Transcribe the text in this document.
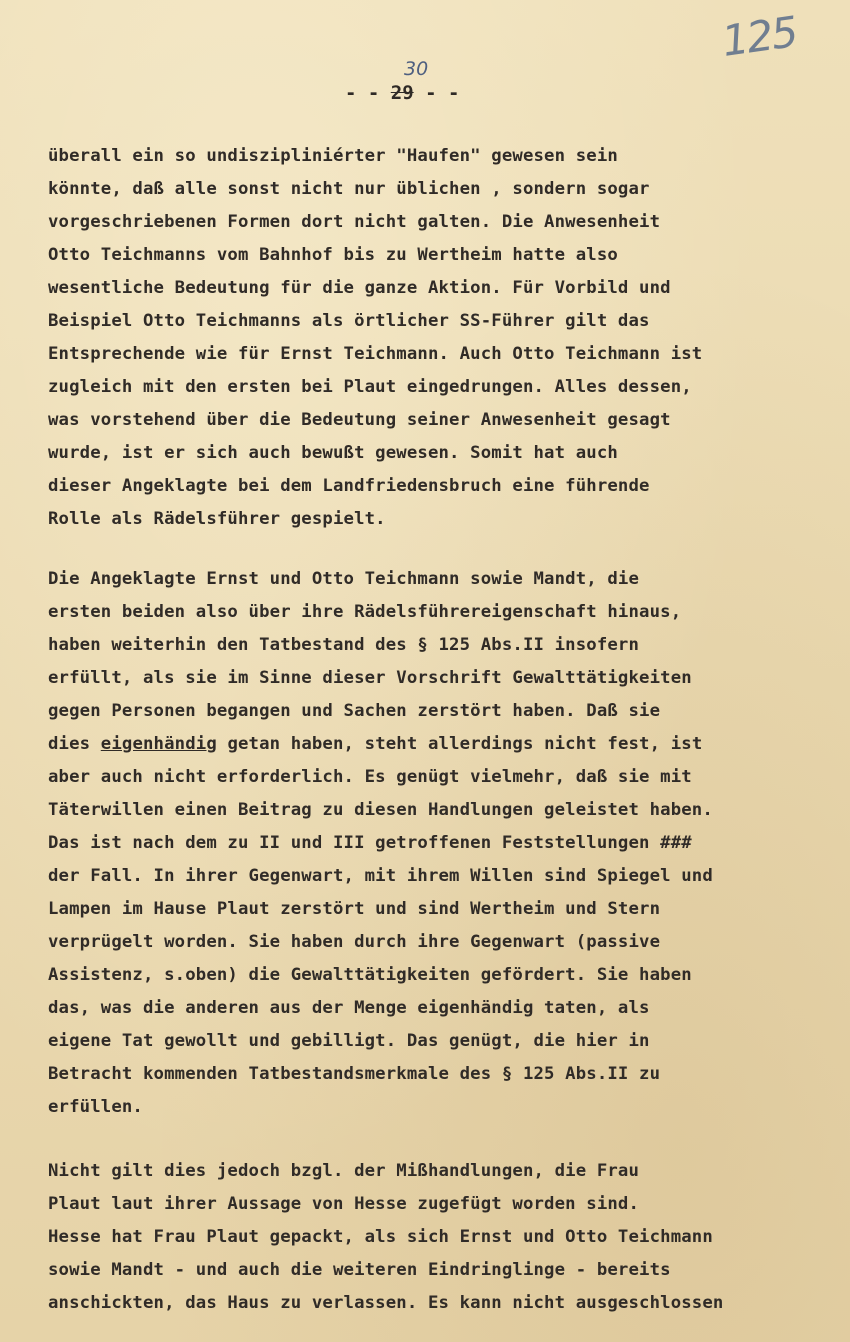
125
30
- - 29 - -
überall ein so undiszipliniérter "Haufen" gewesen sein
könnte, daß alle sonst nicht nur üblichen , sondern sogar
vorgeschriebenen Formen dort nicht galten. Die Anwesenheit
Otto Teichmanns vom Bahnhof bis zu Wertheim hatte also
wesentliche Bedeutung für die ganze Aktion. Für Vorbild und
Beispiel Otto Teichmanns als örtlicher SS-Führer gilt das
Entsprechende wie für Ernst Teichmann. Auch Otto Teichmann ist
zugleich mit den ersten bei Plaut eingedrungen. Alles dessen,
was vorstehend über die Bedeutung seiner Anwesenheit gesagt
wurde, ist er sich auch bewußt gewesen. Somit hat auch
dieser Angeklagte bei dem Landfriedensbruch eine führende
Rolle als Rädelsführer gespielt.
Die Angeklagte Ernst und Otto Teichmann sowie Mandt, die
ersten beiden also über ihre Rädelsführereigenschaft hinaus,
haben weiterhin den Tatbestand des § 125 Abs.II insofern
erfüllt, als sie im Sinne dieser Vorschrift Gewalttätigkeiten
gegen Personen begangen und Sachen zerstört haben. Daß sie
dies eigenhändig getan haben, steht allerdings nicht fest, ist
aber auch nicht erforderlich. Es genügt vielmehr, daß sie mit
Täterwillen einen Beitrag zu diesen Handlungen geleistet haben.
Das ist nach dem zu II und III getroffenen Feststellungen ###
der Fall. In ihrer Gegenwart, mit ihrem Willen sind Spiegel und
Lampen im Hause Plaut zerstört und sind Wertheim und Stern
verprügelt worden. Sie haben durch ihre Gegenwart (passive
Assistenz, s.oben) die Gewalttätigkeiten gefördert. Sie haben
das, was die anderen aus der Menge eigenhändig taten, als
eigene Tat gewollt und gebilligt. Das genügt, die hier in
Betracht kommenden Tatbestandsmerkmale des § 125 Abs.II zu
erfüllen.
Nicht gilt dies jedoch bzgl. der Mißhandlungen, die Frau
Plaut laut ihrer Aussage von Hesse zugefügt worden sind.
Hesse hat Frau Plaut gepackt, als sich Ernst und Otto Teichmann
sowie Mandt - und auch die weiteren Eindringlinge - bereits
anschickten, das Haus zu verlassen. Es kann nicht ausgeschlossen
